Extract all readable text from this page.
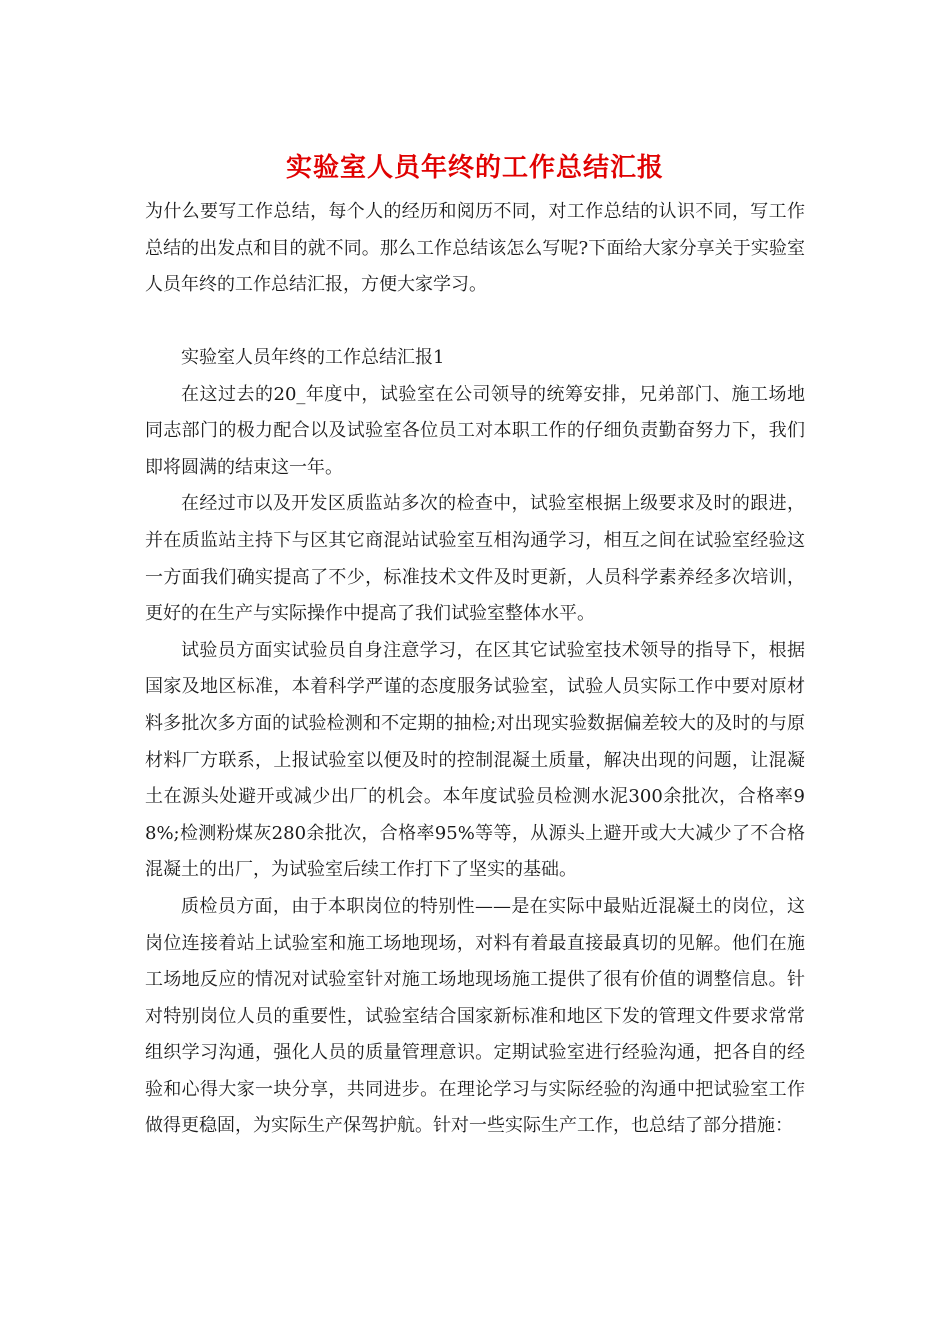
实验室人员年终的工作总结汇报

为什么要写工作总结，每个人的经历和阅历不同，对工作总结的认识不同，写工作总结的出发点和目的就不同。那么工作总结该怎么写呢?下面给大家分享关于实验室人员年终的工作总结汇报，方便大家学习。

实验室人员年终的工作总结汇报1

在这过去的20_年度中，试验室在公司领导的统筹安排，兄弟部门、施工场地同志部门的极力配合以及试验室各位员工对本职工作的仔细负责勤奋努力下，我们即将圆满的结束这一年。

在经过市以及开发区质监站多次的检查中，试验室根据上级要求及时的跟进，并在质监站主持下与区其它商混站试验室互相沟通学习，相互之间在试验室经验这一方面我们确实提高了不少，标准技术文件及时更新，人员科学素养经多次培训，更好的在生产与实际操作中提高了我们试验室整体水平。

试验员方面实试验员自身注意学习，在区其它试验室技术领导的指导下，根据国家及地区标准，本着科学严谨的态度服务试验室，试验人员实际工作中要对原材料多批次多方面的试验检测和不定期的抽检;对出现实验数据偏差较大的及时的与原材料厂方联系，上报试验室以便及时的控制混凝土质量，解决出现的问题，让混凝土在源头处避开或减少出厂的机会。本年度试验员检测水泥300余批次，合格率98%;检测粉煤灰280余批次，合格率95%等等，从源头上避开或大大减少了不合格混凝土的出厂，为试验室后续工作打下了坚实的基础。

质检员方面，由于本职岗位的特别性——是在实际中最贴近混凝土的岗位，这岗位连接着站上试验室和施工场地现场，对料有着最直接最真切的见解。他们在施工场地反应的情况对试验室针对施工场地现场施工提供了很有价值的调整信息。针对特别岗位人员的重要性，试验室结合国家新标准和地区下发的管理文件要求常常组织学习沟通，强化人员的质量管理意识。定期试验室进行经验沟通，把各自的经验和心得大家一块分享，共同进步。在理论学习与实际经验的沟通中把试验室工作做得更稳固，为实际生产保驾护航。针对一些实际生产工作，也总结了部分措施：
